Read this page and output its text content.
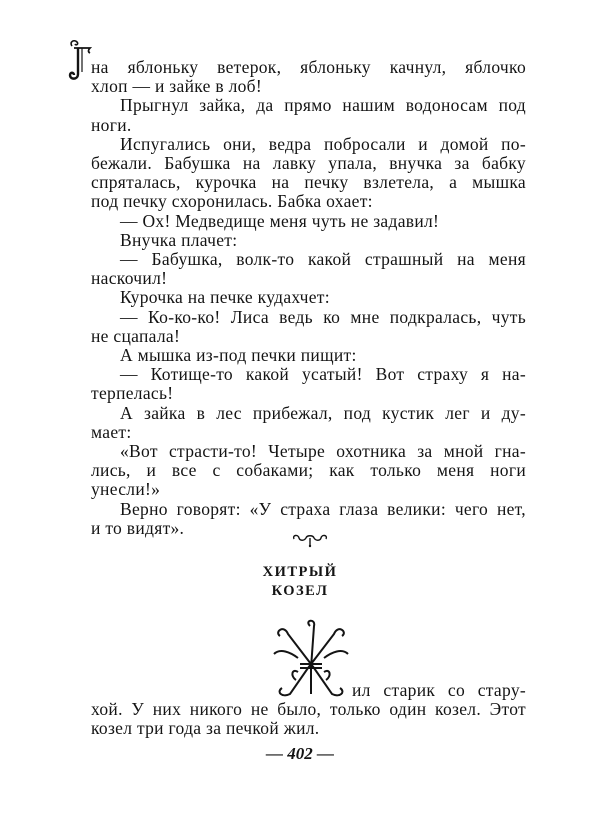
на яблоньку ветерок, яблоньку качнул, яблочко
хлоп — и зайке в лоб!
Прыгнул зайка, да прямо нашим водоносам под
ноги.
Испугались они, ведра побросали и домой по-
бежали. Бабушка на лавку упала, внучка за бабку
спряталась, курочка на печку взлетела, а мышка
под печку схоронилась. Бабка охает:
— Ох! Медведище меня чуть не задавил!
Внучка плачет:
— Бабушка, волк-то какой страшный на меня
наскочил!
Курочка на печке кудахчет:
— Ко-ко-ко! Лиса ведь ко мне подкралась, чуть
не сцапала!
А мышка из-под печки пищит:
— Котище-то какой усатый! Вот страху я на-
терпелась!
А зайка в лес прибежал, под кустик лег и ду-
мает:
«Вот страсти-то! Четыре охотника за мной гна-
лись, и все с собаками; как только меня ноги
унесли!»
Верно говорят: «У страха глаза велики: чего нет,
и то видят».
ХИТРЫЙ
КОЗЕЛ
ил старик со стару-
хой. У них никого не было, только один козел. Этот
козел три года за печкой жил.
— 402 —
